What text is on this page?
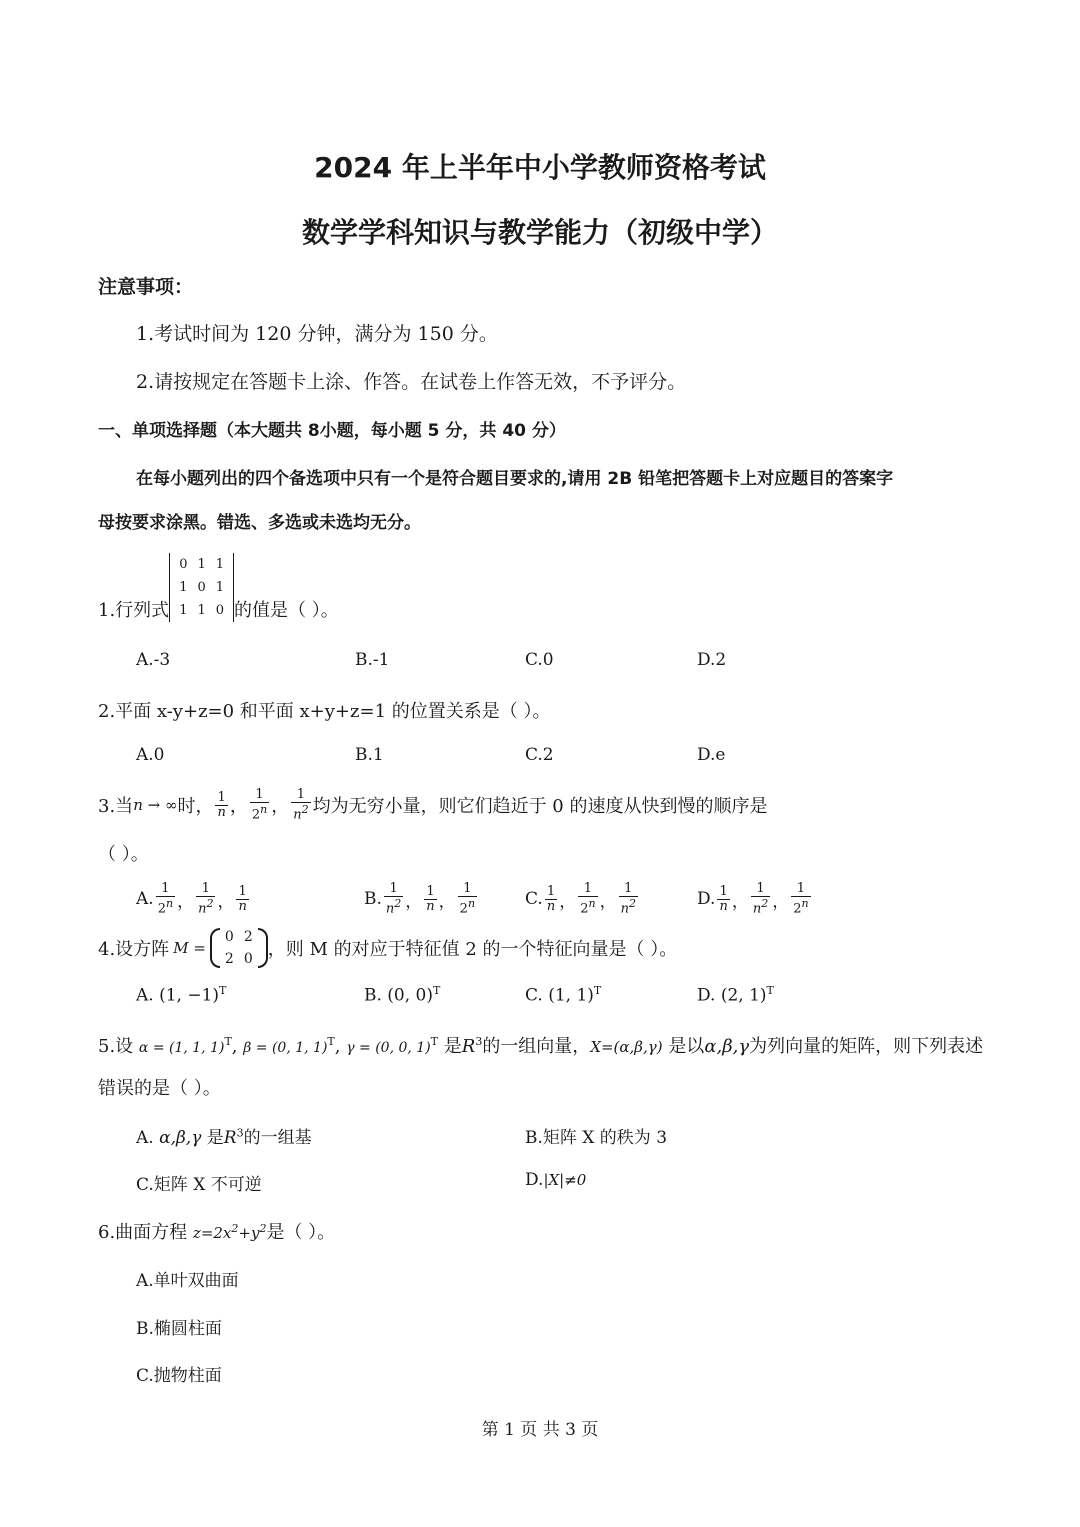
2024 年上半年中小学教师资格考试
数学学科知识与教学能力（初级中学）
注意事项：
1.考试时间为 120 分钟，满分为 150 分。
2.请按规定在答题卡上涂、作答。在试卷上作答无效，不予评分。
一、单项选择题（本大题共 8小题，每小题 5 分，共 40 分）
在每小题列出的四个备选项中只有一个是符合题目要求的,请用 2B 铅笔把答题卡上对应题目的答案字
母按要求涂黑。错选、多选或未选均无分。
1.行列式
0	1	1
1	0	1
1	1	0 的值是（ ）。
A.-3	B.-1	C.0	D.2
2.平面 x-y+z=0 和平面 x+y+z=1 的位置关系是（ ）。
A.0	B.1	C.2	D.e
3.当 n → ∞ 时， $\frac{1}{n}$ ， $\frac{1}{2^n}$ ， $\frac{1}{n^2}$ 均为无穷小量，则它们趋近于 0 的速度从快到慢的顺序是
（ ）。
A. $\frac{1}{2^n}$ ， $\frac{1}{n^2}$ ， $\frac{1}{n}$	B. $\frac{1}{n^2}$ ， $\frac{1}{n}$ ， $\frac{1}{2^n}$	C. $\frac{1}{n}$ ， $\frac{1}{2^n}$ ， $\frac{1}{n^2}$	D. $\frac{1}{n}$ ， $\frac{1}{n^2}$ ， $\frac{1}{2^n}$
4.设方阵 M =
0	2
2	0 ，则 M 的对应于特征值 2 的一个特征向量是（ ）。
A. (1, −1)$^T$	B. (0, 0)$^T$	C. (1, 1)$^T$	D. (2, 1)$^T$
5.设 α = (1, 1, 1)$^T$, β = (0, 1, 1)$^T$, γ = (0, 0, 1)$^T$ 是$R^3$的一组向量，X=(α,β,γ) 是以α,β,γ为列向量的矩阵，则下列表述
错误的是（ ）。
A. α,β,γ 是$R^3$的一组基	B.矩阵 X 的秩为 3
C.矩阵 X 不可逆	D.|X|≠0
6.曲面方程 $z=2x^2+y^2$是（ ）。
A.单叶双曲面
B.椭圆柱面
C.抛物柱面
第 1 页 共 3 页
